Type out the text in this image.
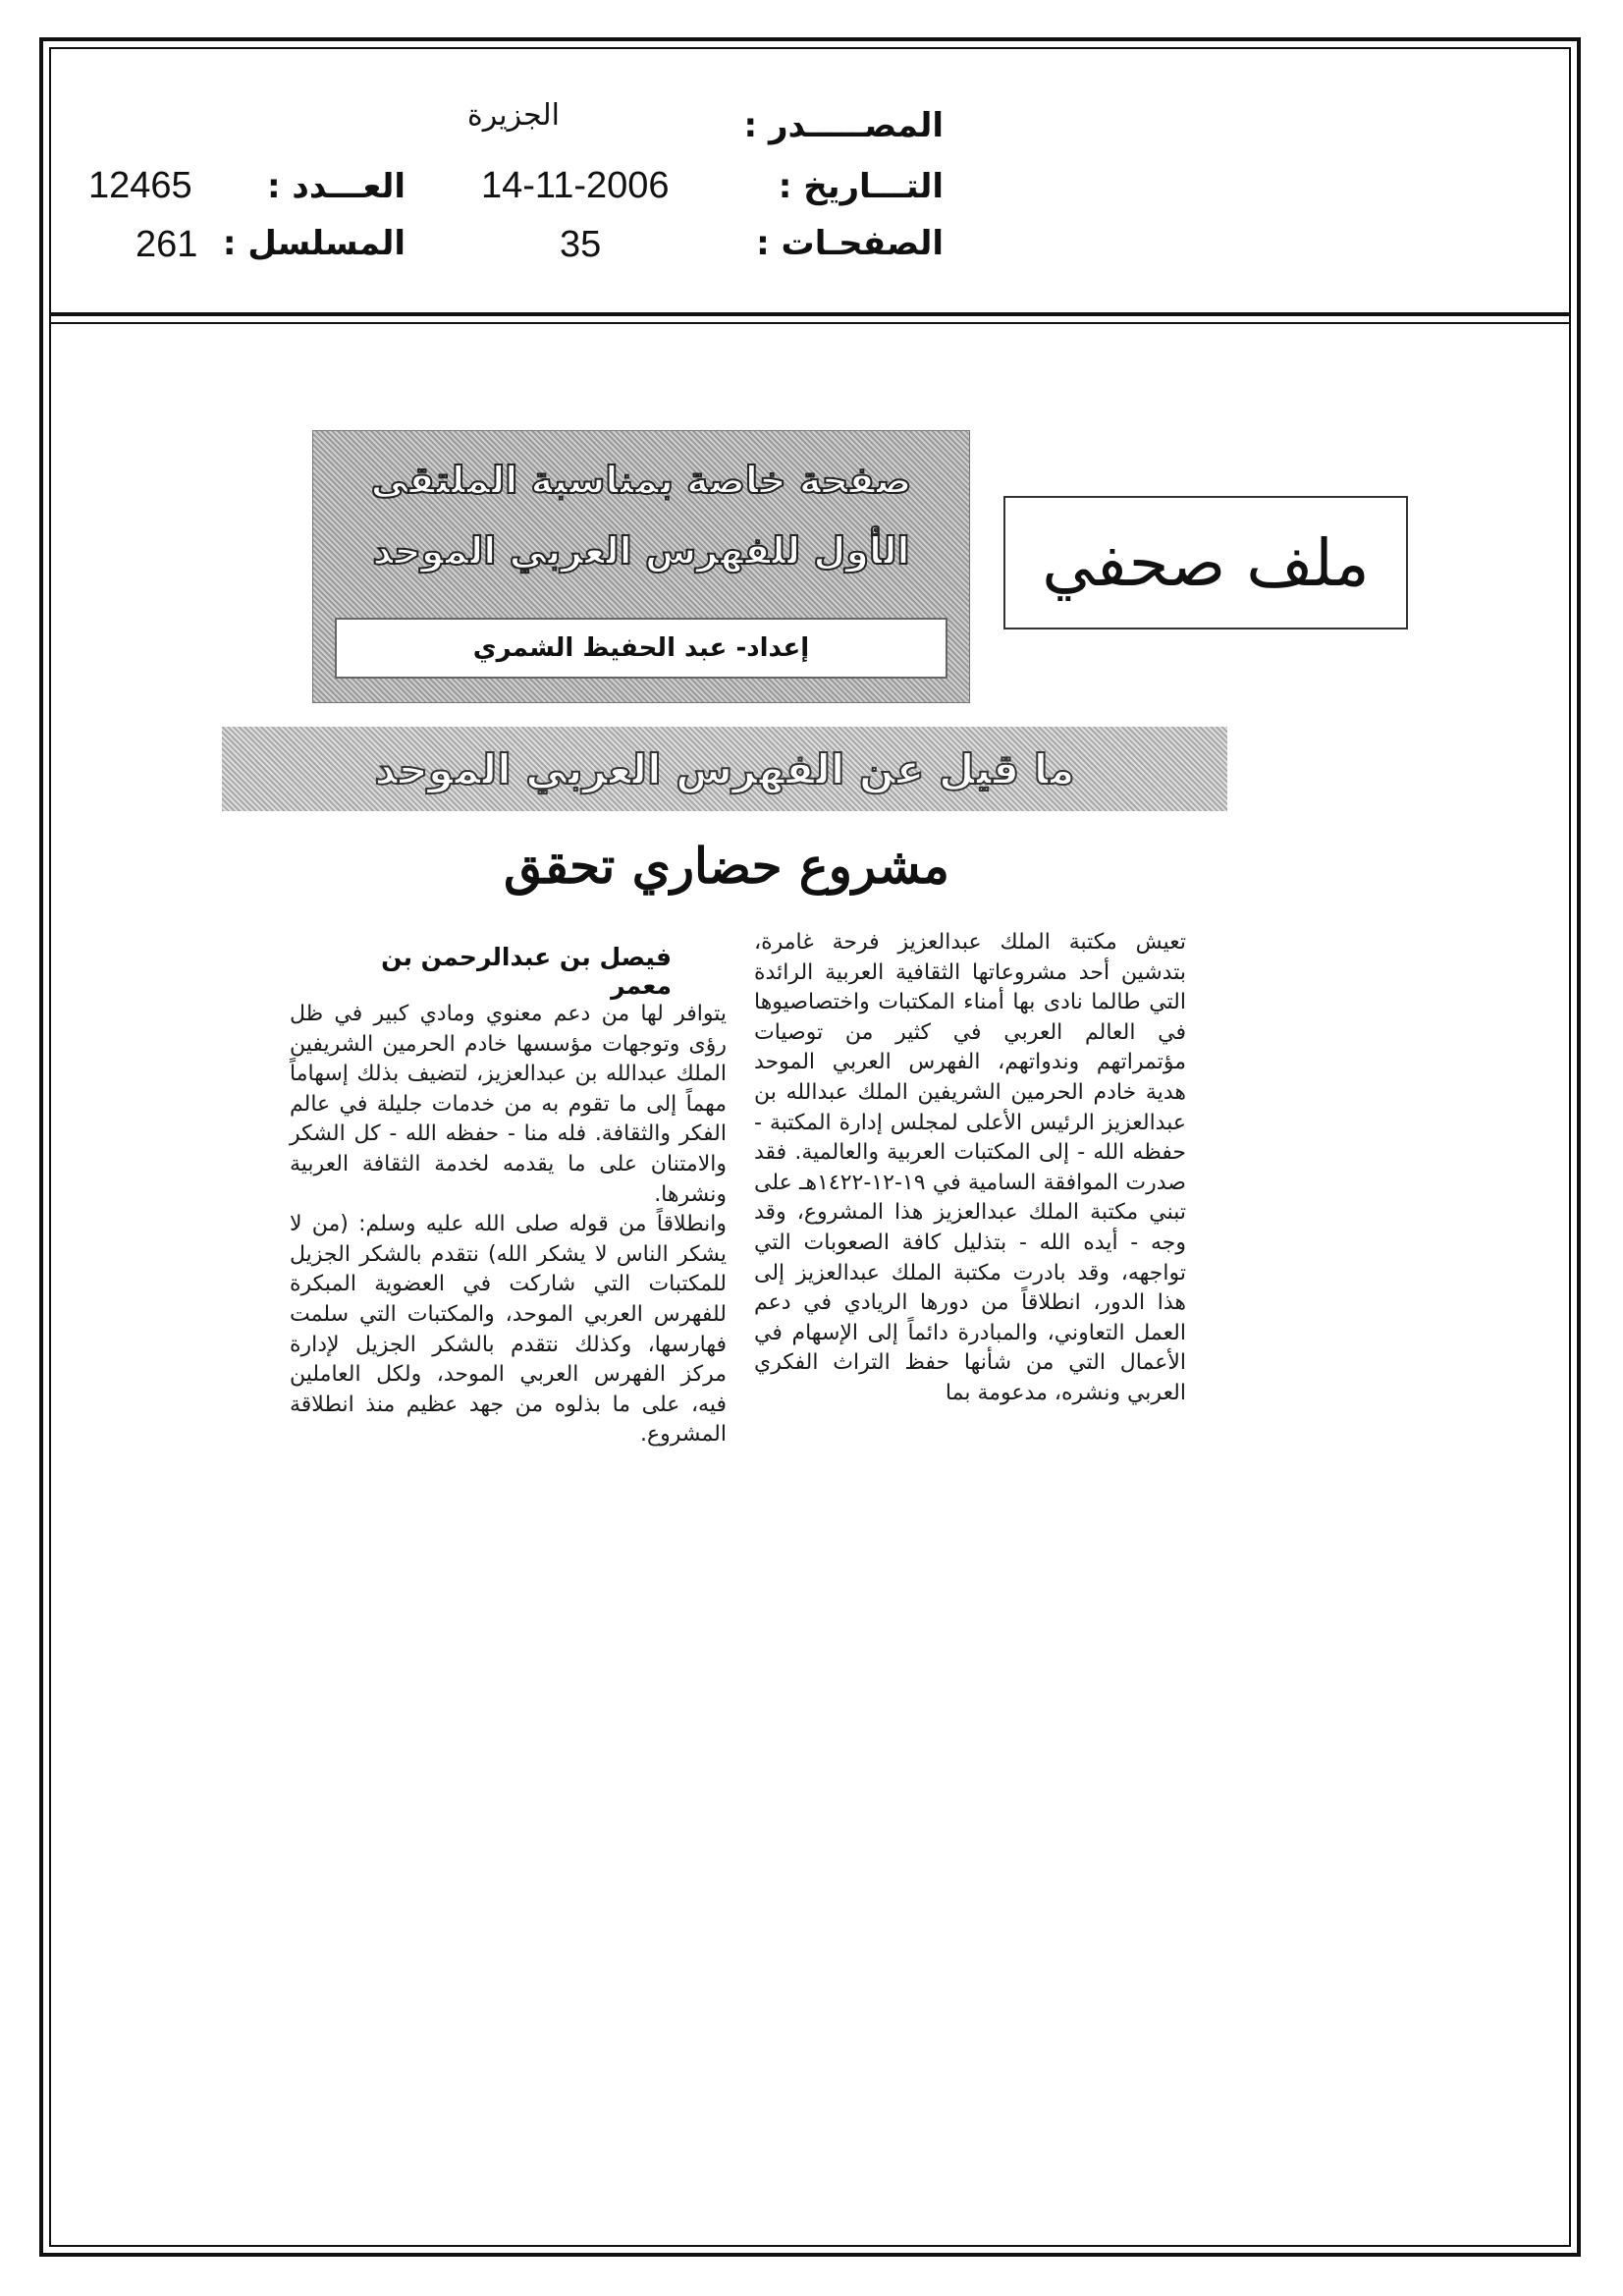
المصـــــدر :
الجزيرة
التـــاريخ :
14-11-2006
الصفحـات :
35
العـــدد :
12465
المسلسل :
261
ملف صحفي
صفحة خاصة بمناسبة الملتقى
الأول للفهرس العربي الموحد
إعداد- عبد الحفيظ الشمري
ما قيل عن الفهرس العربي الموحد
مشروع حضاري تحقق
فيصل بن عبدالرحمن بن معمر

تعيش مكتبة الملك عبدالعزيز فرحة غامرة، بتدشين أحد مشروعاتها الثقافية العربية الرائدة التي طالما نادى بها أمناء المكتبات واختصاصيوها في العالم العربي في كثير من توصيات مؤتمراتهم وندواتهم، الفهرس العربي الموحد هدية خادم الحرمين الشريفين الملك عبدالله بن عبدالعزيز الرئيس الأعلى لمجلس إدارة المكتبة - حفظه الله - إلى المكتبات العربية والعالمية. فقد صدرت الموافقة السامية في ١٩-١٢-١٤٢٢هـ على تبني مكتبة الملك عبدالعزيز هذا المشروع، وقد وجه - أيده الله - بتذليل كافة الصعوبات التي تواجهه، وقد بادرت مكتبة الملك عبدالعزيز إلى هذا الدور، انطلاقاً من دورها الريادي في دعم العمل التعاوني، والمبادرة دائماً إلى الإسهام في الأعمال التي من شأنها حفظ التراث الفكري العربي ونشره، مدعومة بما

يتوافر لها من دعم معنوي ومادي كبير في ظل رؤى وتوجهات مؤسسها خادم الحرمين الشريفين الملك عبدالله بن عبدالعزيز، لتضيف بذلك إسهاماً مهماً إلى ما تقوم به من خدمات جليلة في عالم الفكر والثقافة. فله منا - حفظه الله - كل الشكر والامتنان على ما يقدمه لخدمة الثقافة العربية ونشرها.

وانطلاقاً من قوله صلى الله عليه وسلم: (من لا يشكر الناس لا يشكر الله) نتقدم بالشكر الجزيل للمكتبات التي شاركت في العضوية المبكرة للفهرس العربي الموحد، والمكتبات التي سلمت فهارسها، وكذلك نتقدم بالشكر الجزيل لإدارة مركز الفهرس العربي الموحد، ولكل العاملين فيه، على ما بذلوه من جهد عظيم منذ انطلاقة المشروع.
